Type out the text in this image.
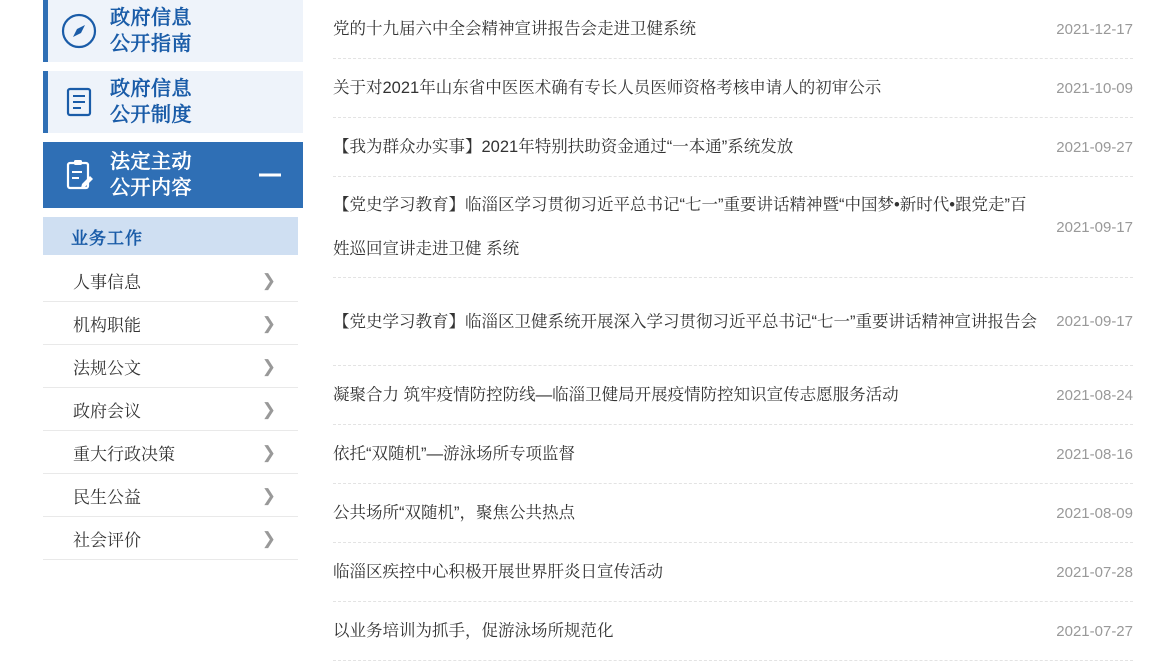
政府信息
公开指南
政府信息
公开制度
法定主动
公开内容
业务工作
人事信息	❯
机构职能	❯
法规公文	❯
政府会议	❯
重大行政决策	❯
民生公益	❯
社会评价	❯
党的十九届六中全会精神宣讲报告会走进卫健系统	2021-12-17
关于对2021年山东省中医医术确有专长人员医师资格考核申请人的初审公示	2021-10-09
【我为群众办实事】2021年特别扶助资金通过“一本通”系统发放	2021-09-27
【党史学习教育】临淄区学习贯彻习近平总书记“七一”重要讲话精神暨“中国梦•新时代•跟党走”百姓巡回宣讲走进卫健 系统
2021-09-17
【党史学习教育】临淄区卫健系统开展深入学习贯彻习近平总书记“七一”重要讲话精神宣讲报告会	2021-09-17
凝聚合力 筑牢疫情防控防线—临淄卫健局开展疫情防控知识宣传志愿服务活动	2021-08-24
依托“双随机”—游泳场所专项监督	2021-08-16
公共场所“双随机”，聚焦公共热点	2021-08-09
临淄区疾控中心积极开展世界肝炎日宣传活动	2021-07-28
以业务培训为抓手，促游泳场所规范化	2021-07-27
